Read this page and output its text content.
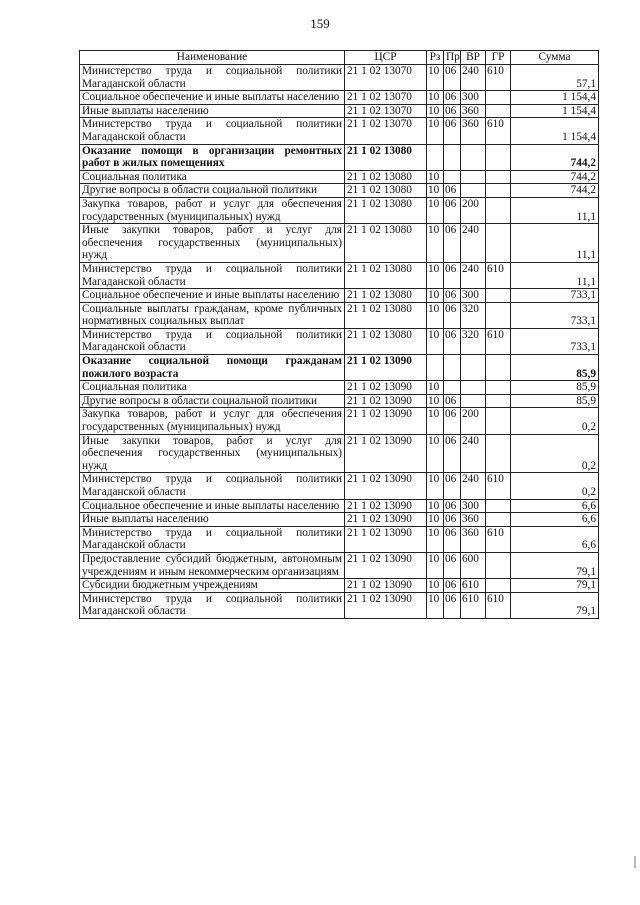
159
Наименование	ЦСР	Рз	Пр	ВР	ГР	Сумма
Министерство труда и социальной политики Магаданской области	21 1 02 13070	10	06	240	610	57,1
Социальное обеспечение и иные выплаты населению	21 1 02 13070	10	06	300		1 154,4
Иные выплаты населению	21 1 02 13070	10	06	360		1 154,4
Министерство труда и социальной политики Магаданской области	21 1 02 13070	10	06	360	610	1 154,4
Оказание помощи в организации ремонтных работ в жилых помещениях	21 1 02 13080					744,2
Социальная политика	21 1 02 13080	10				744,2
Другие вопросы в области социальной политики	21 1 02 13080	10	06			744,2
Закупка товаров, работ и услуг для обеспечения государственных (муниципальных) нужд	21 1 02 13080	10	06	200		11,1
Иные закупки товаров, работ и услуг для обеспечения государственных (муниципальных) нужд	21 1 02 13080	10	06	240		11,1
Министерство труда и социальной политики Магаданской области	21 1 02 13080	10	06	240	610	11,1
Социальное обеспечение и иные выплаты населению	21 1 02 13080	10	06	300		733,1
Социальные выплаты гражданам, кроме публичных нормативных социальных выплат	21 1 02 13080	10	06	320		733,1
Министерство труда и социальной политики Магаданской области	21 1 02 13080	10	06	320	610	733,1
Оказание социальной помощи гражданам пожилого возраста	21 1 02 13090					85,9
Социальная политика	21 1 02 13090	10				85,9
Другие вопросы в области социальной политики	21 1 02 13090	10	06			85,9
Закупка товаров, работ и услуг для обеспечения государственных (муниципальных) нужд	21 1 02 13090	10	06	200		0,2
Иные закупки товаров, работ и услуг для обеспечения государственных (муниципальных) нужд	21 1 02 13090	10	06	240		0,2
Министерство труда и социальной политики Магаданской области	21 1 02 13090	10	06	240	610	0,2
Социальное обеспечение и иные выплаты населению	21 1 02 13090	10	06	300		6,6
Иные выплаты населению	21 1 02 13090	10	06	360		6,6
Министерство труда и социальной политики Магаданской области	21 1 02 13090	10	06	360	610	6,6
Предоставление субсидий бюджетным, автономным учреждениям и иным некоммерческим организациям	21 1 02 13090	10	06	600		79,1
Субсидии бюджетным учреждениям	21 1 02 13090	10	06	610		79,1
Министерство труда и социальной политики Магаданской области	21 1 02 13090	10	06	610	610	79,1
